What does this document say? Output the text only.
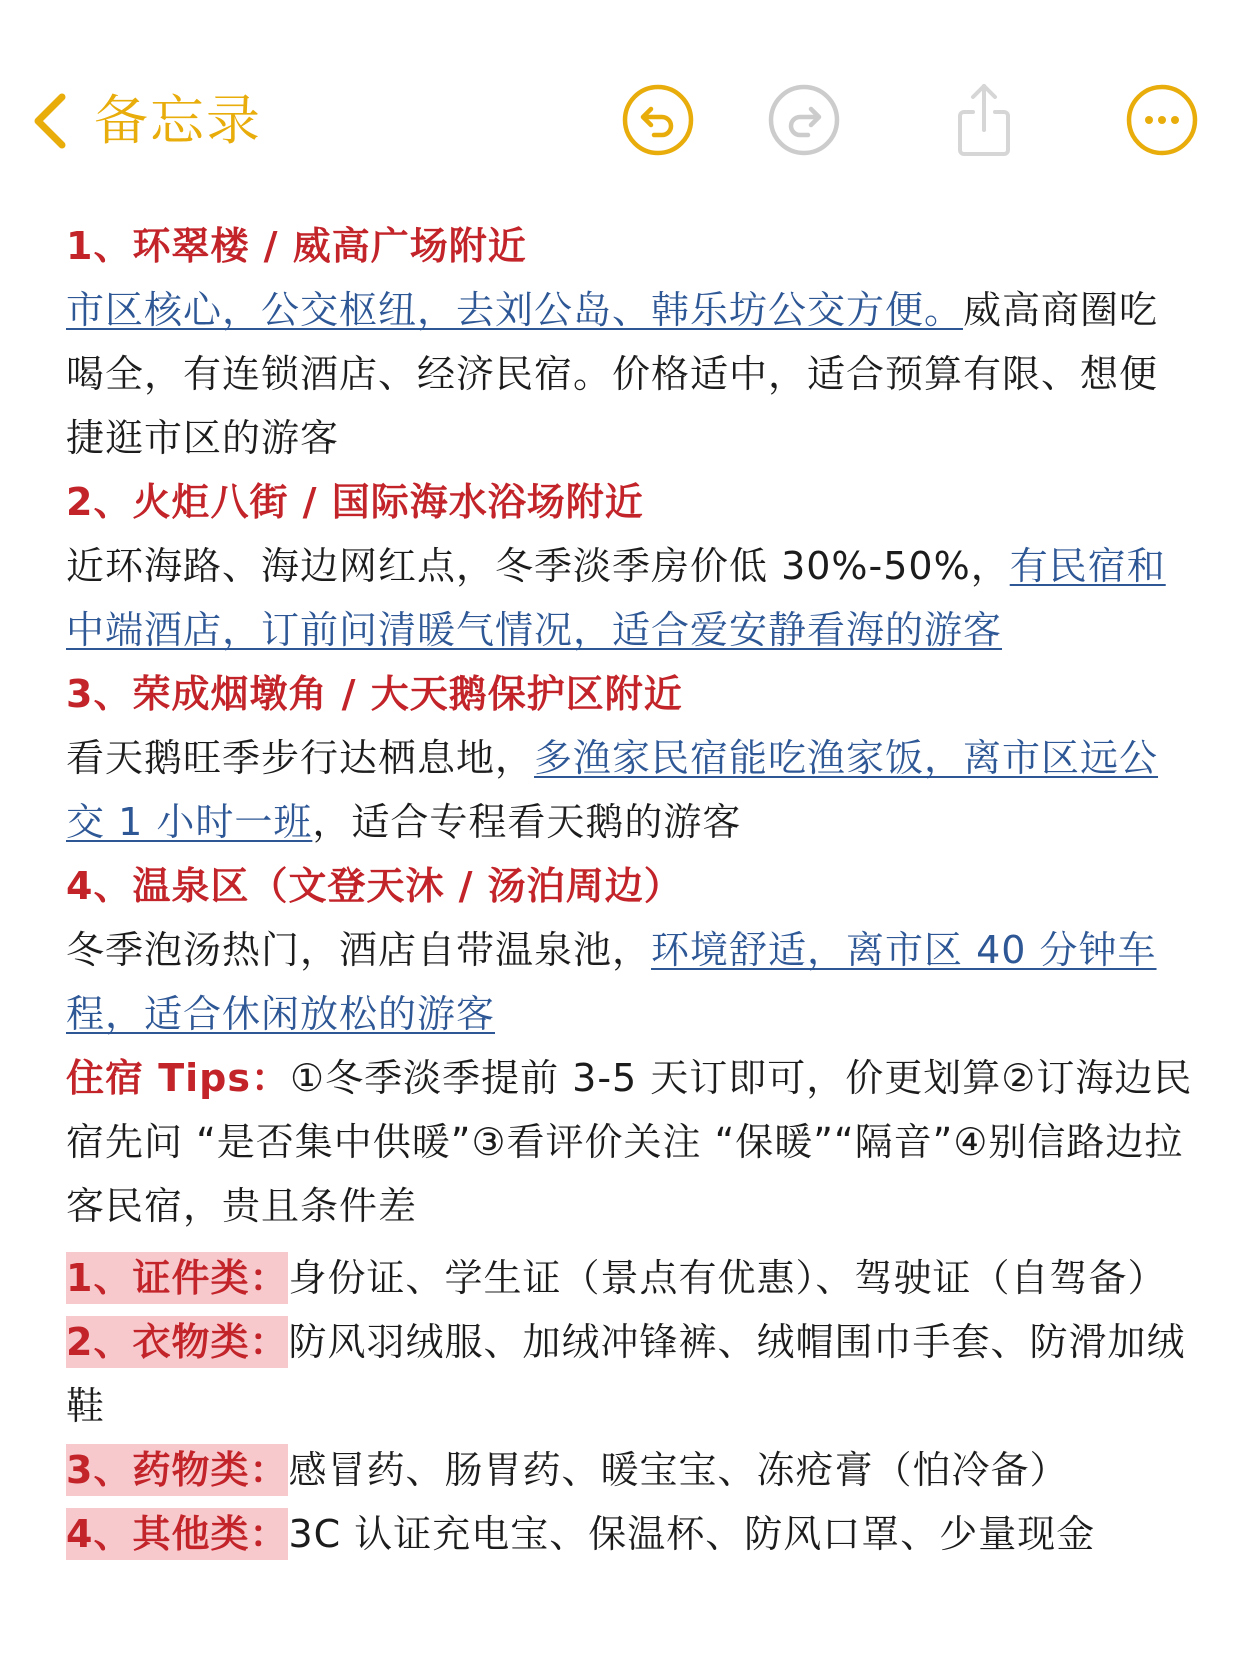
备忘录

1、环翠楼 / 威高广场附近

市区核心，公交枢纽，去刘公岛、韩乐坊公交方便。威高商圈吃喝全，有连锁酒店、经济民宿。价格适中，适合预算有限、想便捷逛市区的游客

2、火炬八街 / 国际海水浴场附近

近环海路、海边网红点，冬季淡季房价低 30%-50%，有民宿和中端酒店，订前问清暖气情况，适合爱安静看海的游客

3、荣成烟墩角 / 大天鹅保护区附近

看天鹅旺季步行达栖息地，多渔家民宿能吃渔家饭，离市区远公交 1 小时一班，适合专程看天鹅的游客

4、温泉区（文登天沐 / 汤泊周边）

冬季泡汤热门，酒店自带温泉池，环境舒适，离市区 40 分钟车程，适合休闲放松的游客

住宿 Tips：①冬季淡季提前 3-5 天订即可，价更划算②订海边民宿先问 “是否集中供暖”③看评价关注 “保暖”“隔音”④别信路边拉客民宿，贵且条件差

1、证件类：身份证、学生证（景点有优惠）、驾驶证（自驾备）

2、衣物类：防风羽绒服、加绒冲锋裤、绒帽围巾手套、防滑加绒鞋

3、药物类：感冒药、肠胃药、暖宝宝、冻疮膏（怕冷备）

4、其他类：3C 认证充电宝、保温杯、防风口罩、少量现金
